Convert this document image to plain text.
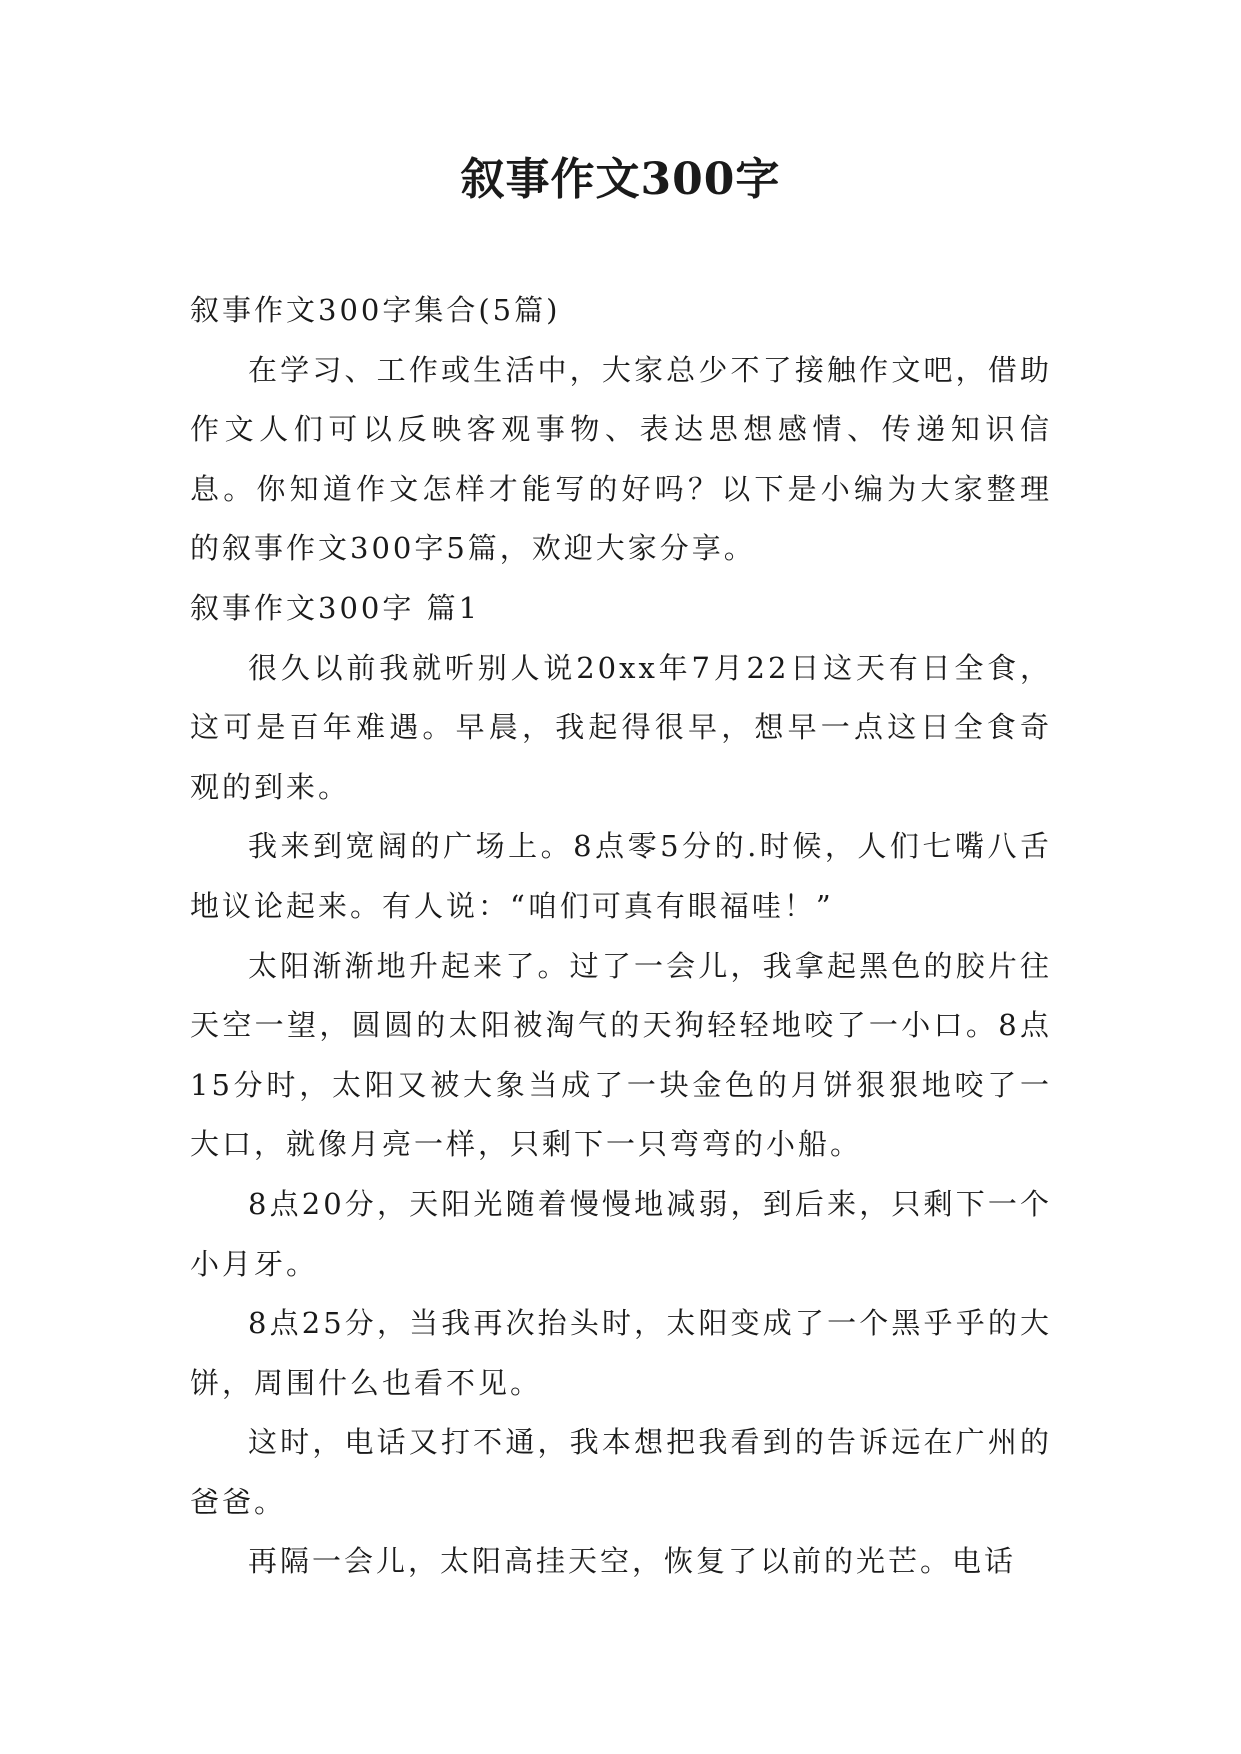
叙事作文300字

叙事作文300字集合(5篇)

在学习、工作或生活中，大家总少不了接触作文吧，借助作文人们可以反映客观事物、表达思想感情、传递知识信息。你知道作文怎样才能写的好吗？以下是小编为大家整理的叙事作文300字5篇，欢迎大家分享。

叙事作文300字 篇1

很久以前我就听别人说20xx年7月22日这天有日全食，这可是百年难遇。早晨，我起得很早，想早一点这日全食奇观的到来。

我来到宽阔的广场上。8点零5分的.时候，人们七嘴八舌地议论起来。有人说：“咱们可真有眼福哇！”

太阳渐渐地升起来了。过了一会儿，我拿起黑色的胶片往天空一望，圆圆的太阳被淘气的天狗轻轻地咬了一小口。8点15分时，太阳又被大象当成了一块金色的月饼狠狠地咬了一大口，就像月亮一样，只剩下一只弯弯的小船。

8点20分，天阳光随着慢慢地减弱，到后来，只剩下一个小月牙。

8点25分，当我再次抬头时，太阳变成了一个黑乎乎的大饼，周围什么也看不见。

这时，电话又打不通，我本想把我看到的告诉远在广州的爸爸。

再隔一会儿，太阳高挂天空，恢复了以前的光芒。电话
